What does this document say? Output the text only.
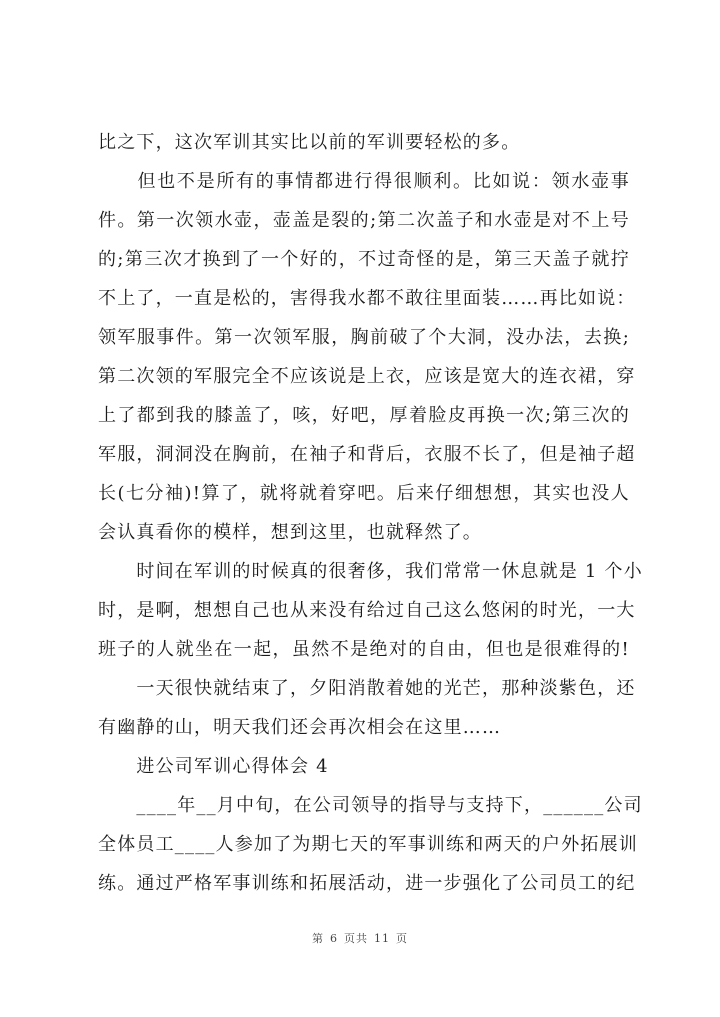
比之下，这次军训其实比以前的军训要轻松的多。
　　但也不是所有的事情都进行得很顺利。比如说：领水壶事
件。第一次领水壶，壶盖是裂的;第二次盖子和水壶是对不上号
的;第三次才换到了一个好的，不过奇怪的是，第三天盖子就拧
不上了，一直是松的，害得我水都不敢往里面装……再比如说：
领军服事件。第一次领军服，胸前破了个大洞，没办法，去换;
第二次领的军服完全不应该说是上衣，应该是宽大的连衣裙，穿
上了都到我的膝盖了，咳，好吧，厚着脸皮再换一次;第三次的
军服，洞洞没在胸前，在袖子和背后，衣服不长了，但是袖子超
长(七分袖)!算了，就将就着穿吧。后来仔细想想，其实也没人
会认真看你的模样，想到这里，也就释然了。
　　时间在军训的时候真的很奢侈，我们常常一休息就是 1 个小
时，是啊，想想自己也从来没有给过自己这么悠闲的时光，一大
班子的人就坐在一起，虽然不是绝对的自由，但也是很难得的!
　　一天很快就结束了，夕阳消散着她的光芒，那种淡紫色，还
有幽静的山，明天我们还会再次相会在这里……
　　进公司军训心得体会 4
　　____年__月中旬，在公司领导的指导与支持下，______公司
全体员工____人参加了为期七天的军事训练和两天的户外拓展训
练。通过严格军事训练和拓展活动，进一步强化了公司员工的纪
第 6 页共 11 页
